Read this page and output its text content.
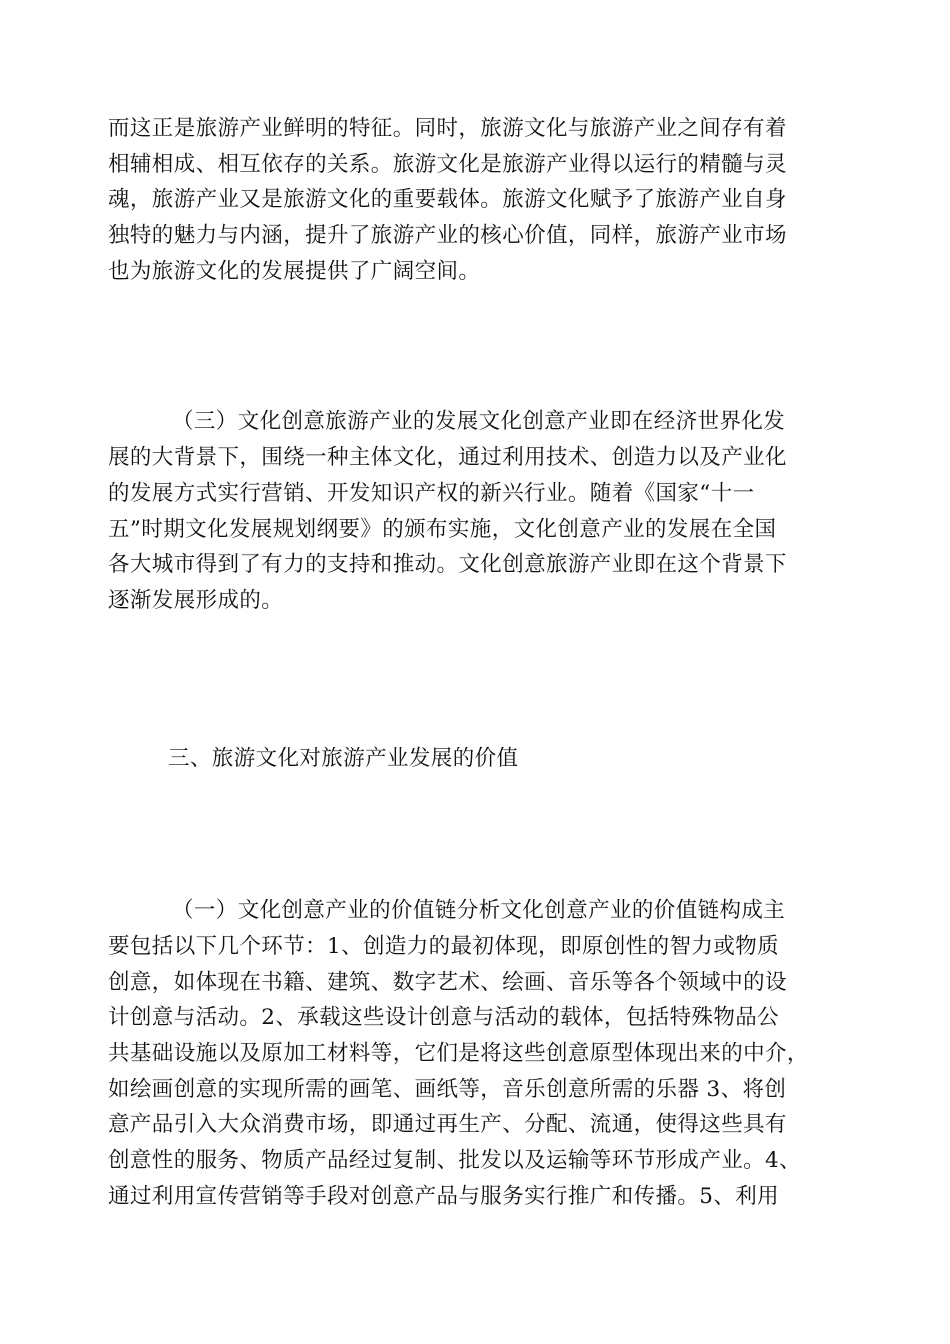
而这正是旅游产业鲜明的特征。同时，旅游文化与旅游产业之间存有着
相辅相成、相互依存的关系。旅游文化是旅游产业得以运行的精髓与灵
魂，旅游产业又是旅游文化的重要载体。旅游文化赋予了旅游产业自身
独特的魅力与内涵，提升了旅游产业的核心价值，同样，旅游产业市场
也为旅游文化的发展提供了广阔空间。
（三）文化创意旅游产业的发展文化创意产业即在经济世界化发
展的大背景下，围绕一种主体文化，通过利用技术、创造力以及产业化
的发展方式实行营销、开发知识产权的新兴行业。随着《国家“十一
五”时期文化发展规划纲要》的颁布实施，文化创意产业的发展在全国
各大城市得到了有力的支持和推动。文化创意旅游产业即在这个背景下
逐渐发展形成的。
三、旅游文化对旅游产业发展的价值
（一）文化创意产业的价值链分析文化创意产业的价值链构成主
要包括以下几个环节：1、创造力的最初体现，即原创性的智力或物质
创意，如体现在书籍、建筑、数字艺术、绘画、音乐等各个领域中的设
计创意与活动。2、承载这些设计创意与活动的载体，包括特殊物品公
共基础设施以及原加工材料等，它们是将这些创意原型体现出来的中介，
如绘画创意的实现所需的画笔、画纸等，音乐创意所需的乐器 3、将创
意产品引入大众消费市场，即通过再生产、分配、流通，使得这些具有
创意性的服务、物质产品经过复制、批发以及运输等环节形成产业。4、
通过利用宣传营销等手段对创意产品与服务实行推广和传播。5、利用
